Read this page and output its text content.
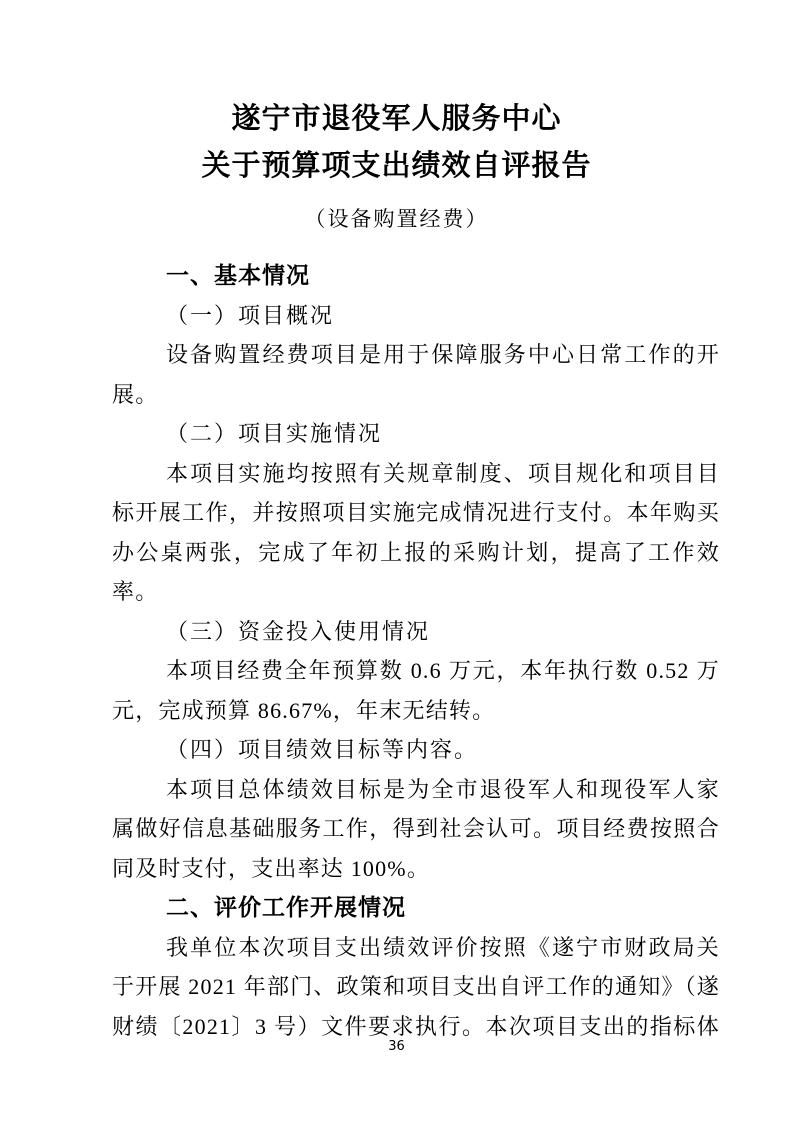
遂宁市退役军人服务中心
关于预算项支出绩效自评报告
（设备购置经费）
一、基本情况
（一）项目概况
设备购置经费项目是用于保障服务中心日常工作的开展。
（二）项目实施情况
本项目实施均按照有关规章制度、项目规化和项目目标开展工作，并按照项目实施完成情况进行支付。本年购买办公桌两张，完成了年初上报的采购计划，提高了工作效率。
（三）资金投入使用情况
本项目经费全年预算数 0.6 万元，本年执行数 0.52 万元，完成预算 86.67%，年末无结转。
（四）项目绩效目标等内容。
本项目总体绩效目标是为全市退役军人和现役军人家属做好信息基础服务工作，得到社会认可。项目经费按照合同及时支付，支出率达 100%。
二、评价工作开展情况
我单位本次项目支出绩效评价按照《遂宁市财政局关于开展 2021 年部门、政策和项目支出自评工作的通知》（遂财绩〔2021〕3 号）文件要求执行。本次项目支出的指标体
36
